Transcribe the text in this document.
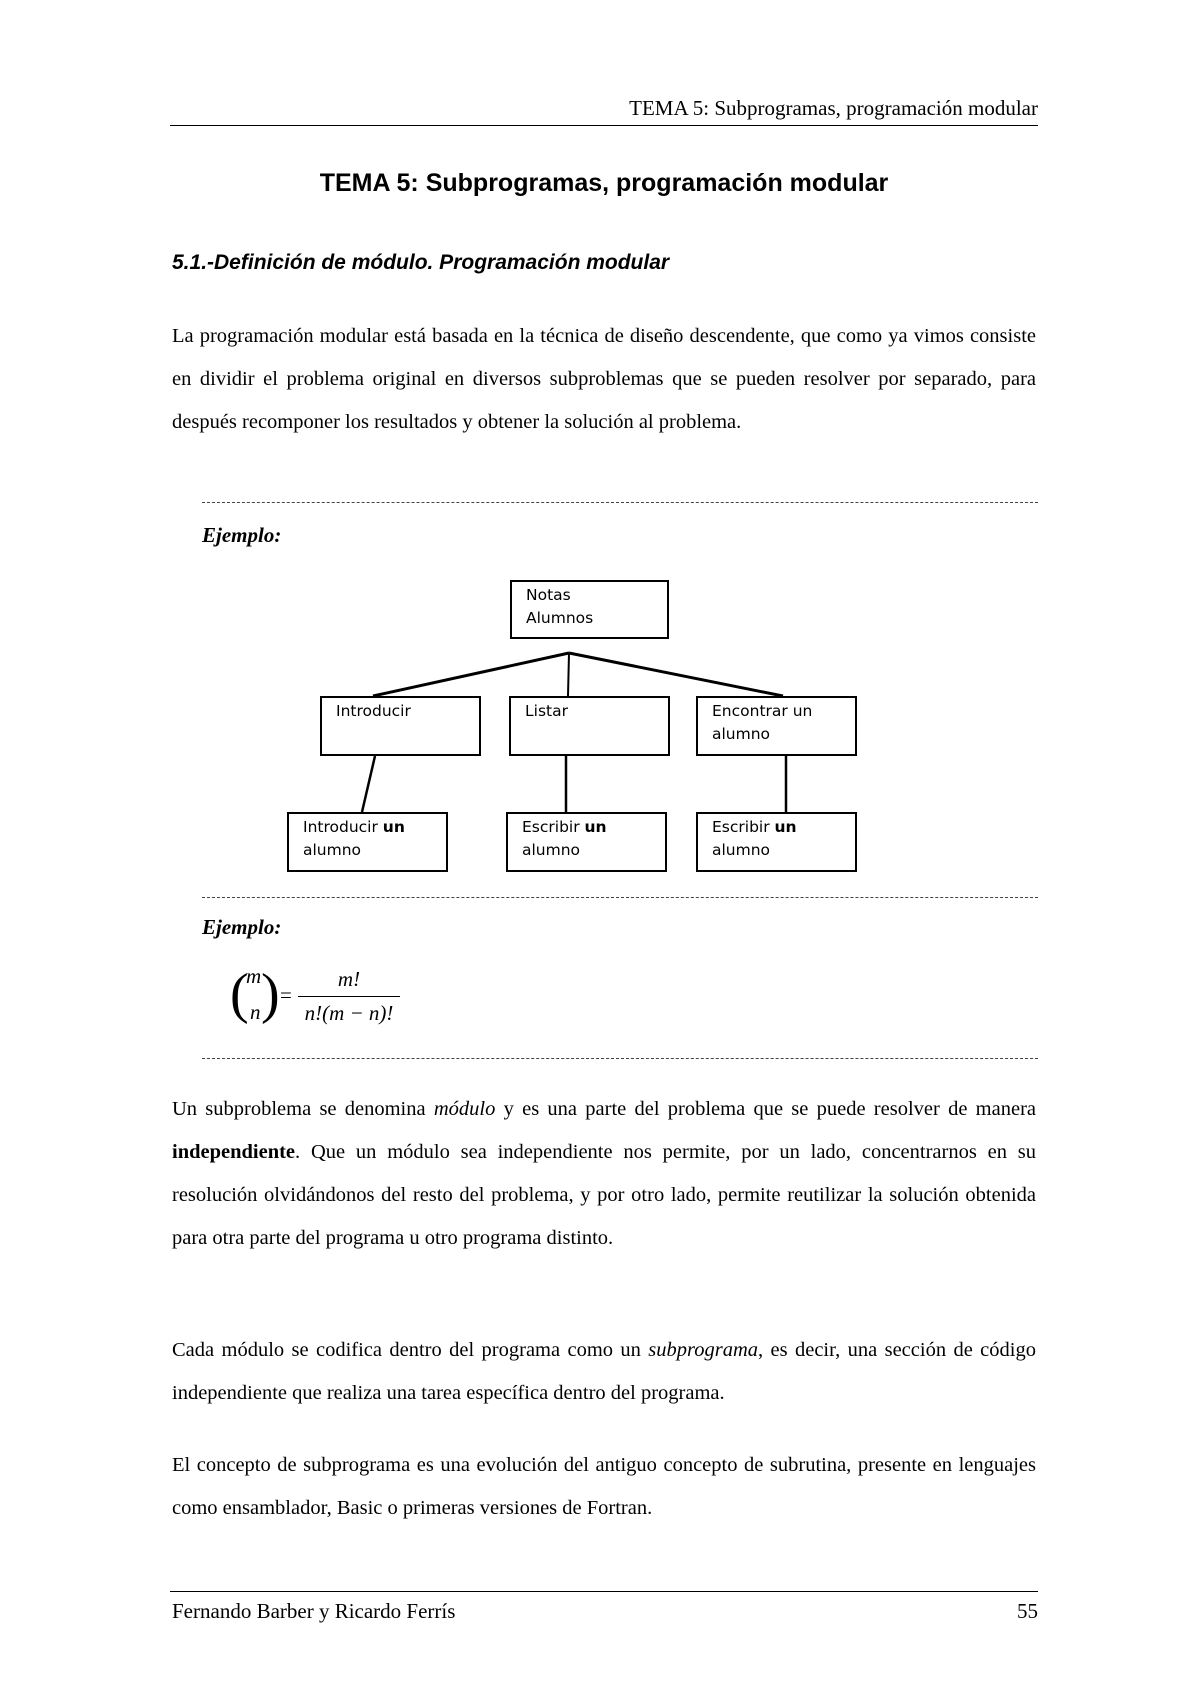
TEMA 5: Subprogramas, programación modular
TEMA 5: Subprogramas, programación modular
5.1.-Definición de módulo. Programación modular

La programación modular está basada en la técnica de diseño descendente, que como ya vimos consiste en dividir el problema original en diversos subproblemas que se pueden resolver por separado, para después recomponer los resultados y obtener la solución al problema.

Ejemplo:
Notas
Alumnos
Introducir	Listar	Encontrar un
alumno
Introducir un
alumno
Escribir un
alumno
Escribir un
alumno
Ejemplo:
( )
m
n
=
m!
n!(m − n)!

Un subproblema se denomina módulo y es una parte del problema que se puede resolver de manera independiente. Que un módulo sea independiente nos permite, por un lado, concentrarnos en su resolución olvidándonos del resto del problema, y por otro lado, permite reutilizar la solución obtenida para otra parte del programa u otro programa distinto.

Cada módulo se codifica dentro del programa como un subprograma, es decir, una sección de código independiente que realiza una tarea específica dentro del programa.

El concepto de subprograma es una evolución del antiguo concepto de subrutina, presente en lenguajes como ensamblador, Basic o primeras versiones de Fortran.

Fernando Barber y Ricardo Ferrís	55
